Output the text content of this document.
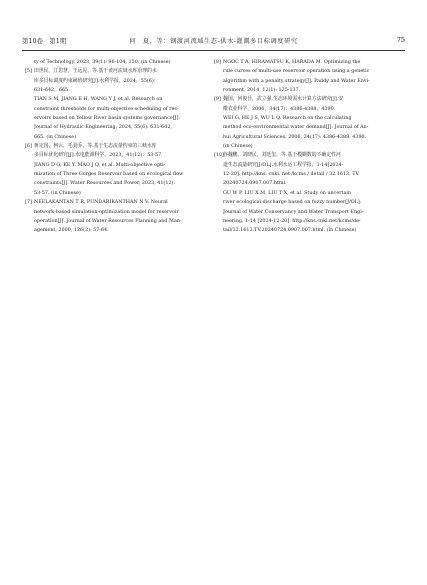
第10卷　第1期	何　夏，等：钢渡河流域生态-供水-灌溉多目标调度研究	75
ty of Technology, 2023, 39(1): 96-104, 150. (in Chinese)
[5] 田世民，江思慧，王远见，等.基于黄河流域水库治理的水
库多目标调度约束阈值研究[J].水利学报，2024，55(6)：
631-642，665.
TIAN S M, JIANG E H, WANG Y J, et al. Research on
constraint thresholds for multi-objective scheduling of res-
ervoirs based on Yellow River basin systems governance[J].
Journal of Hydraulic Engineering, 2024, 55(6): 631-642,
665. (in Chinese)
[6] 蒋定国，柯云，毛劲乔，等.基于生态流量约束的三峡水库
多目标优化研究[J].水电能源科学，2023，41(12)：53-57.
JIANG D G, KE Y, MAO J Q, et al. Multi-objective opti-
mization of Three Gorges Reservoir based on ecological flow
constraints[J]. Water Resources and Power, 2023, 41(12):
53-57. (in Chinese)
[7] NEELAKANTAN T R, PUNDARIKANTHAN N V. Neural
network-based simulation-optimization model for reservoir
operation[J]. Journal of Water Resources Planning and Man-
agement, 2000, 126(2): 57-64.
[8] NGOC T A, HIRAMATSU K, HARADA M. Optimizing the
rule curves of multi-use reservoir operation using a genetic
algorithm with a penalty strategy[J]. Paddy and Water Envi-
ronment, 2014, 12(1): 125-137.
[9] 魏国，何俊仕，武立强.生态环境需水计算方法研究[J].安
徽农业科学，2006，34(17)：4386-4388，4390.
WEI G, HE J S, WU L Q. Research on the calculating
method eco-environmental water demand[J]. Journal of An-
hui Agricultural Sciences, 2006, 34(17): 4386-4388, 4390.
(in Chinese)
[10] 谷魏鹏，刘晓民，刘廷玺，等.基于模糊数的不确定性河
道生态流量研究[J/OL].水利水运工程学报，1-14[2024-
12-20]. http://kns. cnki. net /kcms / detail / 32.1613. TV.
20240724.0907.007.html.
GU W P, LIU X M, LIU T X, et al. Study on uncertain
river ecological discharge based on fuzzy number[J/OL].
Journal of Water Conservancy and Water Transport Engi-
neering, 1-14 [2024-12-20]. http://kns.cnki.net/kcms/de-
tail/32.1613.TV.20240724.0907.007.html. (in Chinese)
